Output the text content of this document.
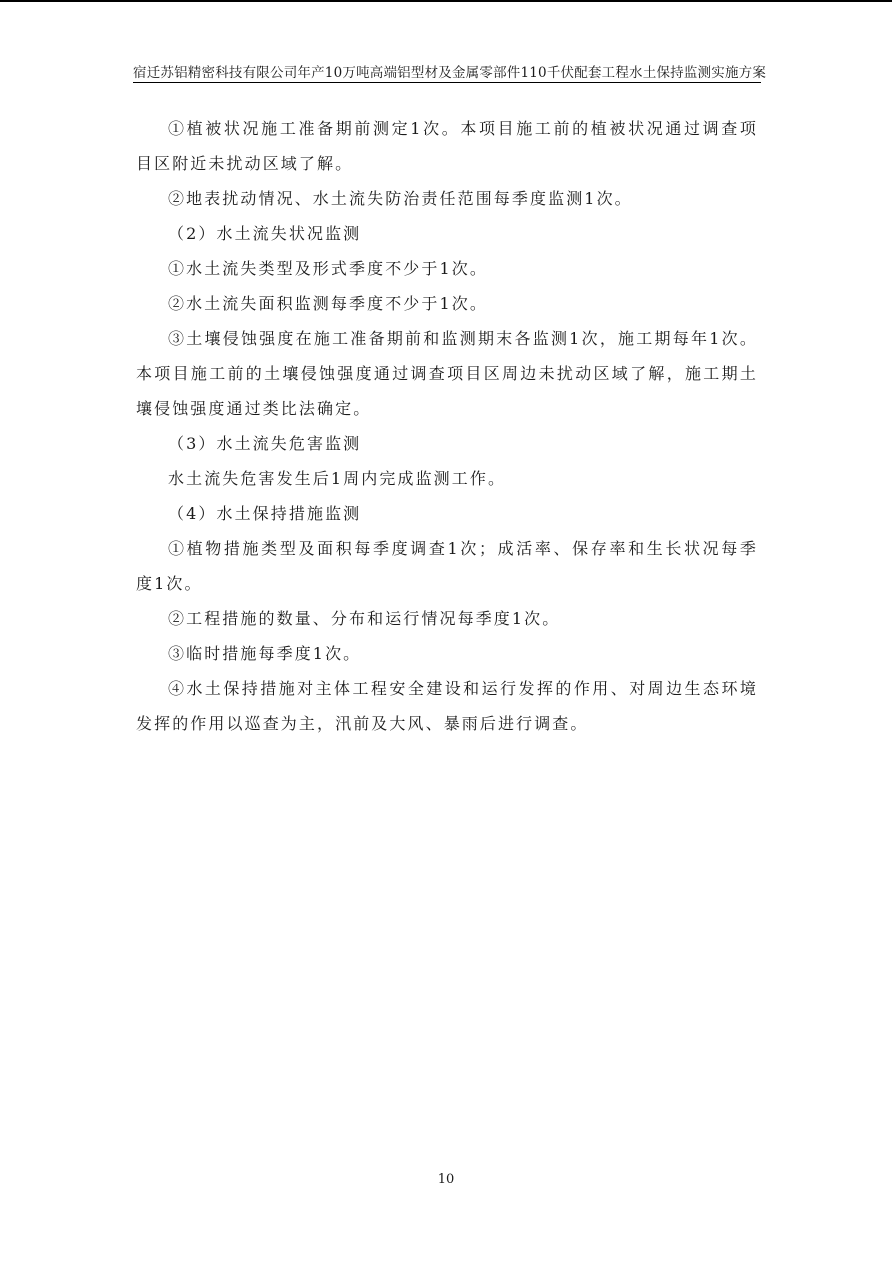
宿迁苏铝精密科技有限公司年产10万吨高端铝型材及金属零部件110千伏配套工程水土保持监测实施方案

①植被状况施工准备期前测定1次。本项目施工前的植被状况通过调查项目区附近未扰动区域了解。

②地表扰动情况、水土流失防治责任范围每季度监测1次。

（2）水土流失状况监测

①水土流失类型及形式季度不少于1次。

②水土流失面积监测每季度不少于1次。

③土壤侵蚀强度在施工准备期前和监测期末各监测1次，施工期每年1次。本项目施工前的土壤侵蚀强度通过调查项目区周边未扰动区域了解，施工期土壤侵蚀强度通过类比法确定。

（3）水土流失危害监测

水土流失危害发生后1周内完成监测工作。

（4）水土保持措施监测

①植物措施类型及面积每季度调查1次；成活率、保存率和生长状况每季度1次。

②工程措施的数量、分布和运行情况每季度1次。

③临时措施每季度1次。

④水土保持措施对主体工程安全建设和运行发挥的作用、对周边生态环境发挥的作用以巡查为主，汛前及大风、暴雨后进行调查。

10
